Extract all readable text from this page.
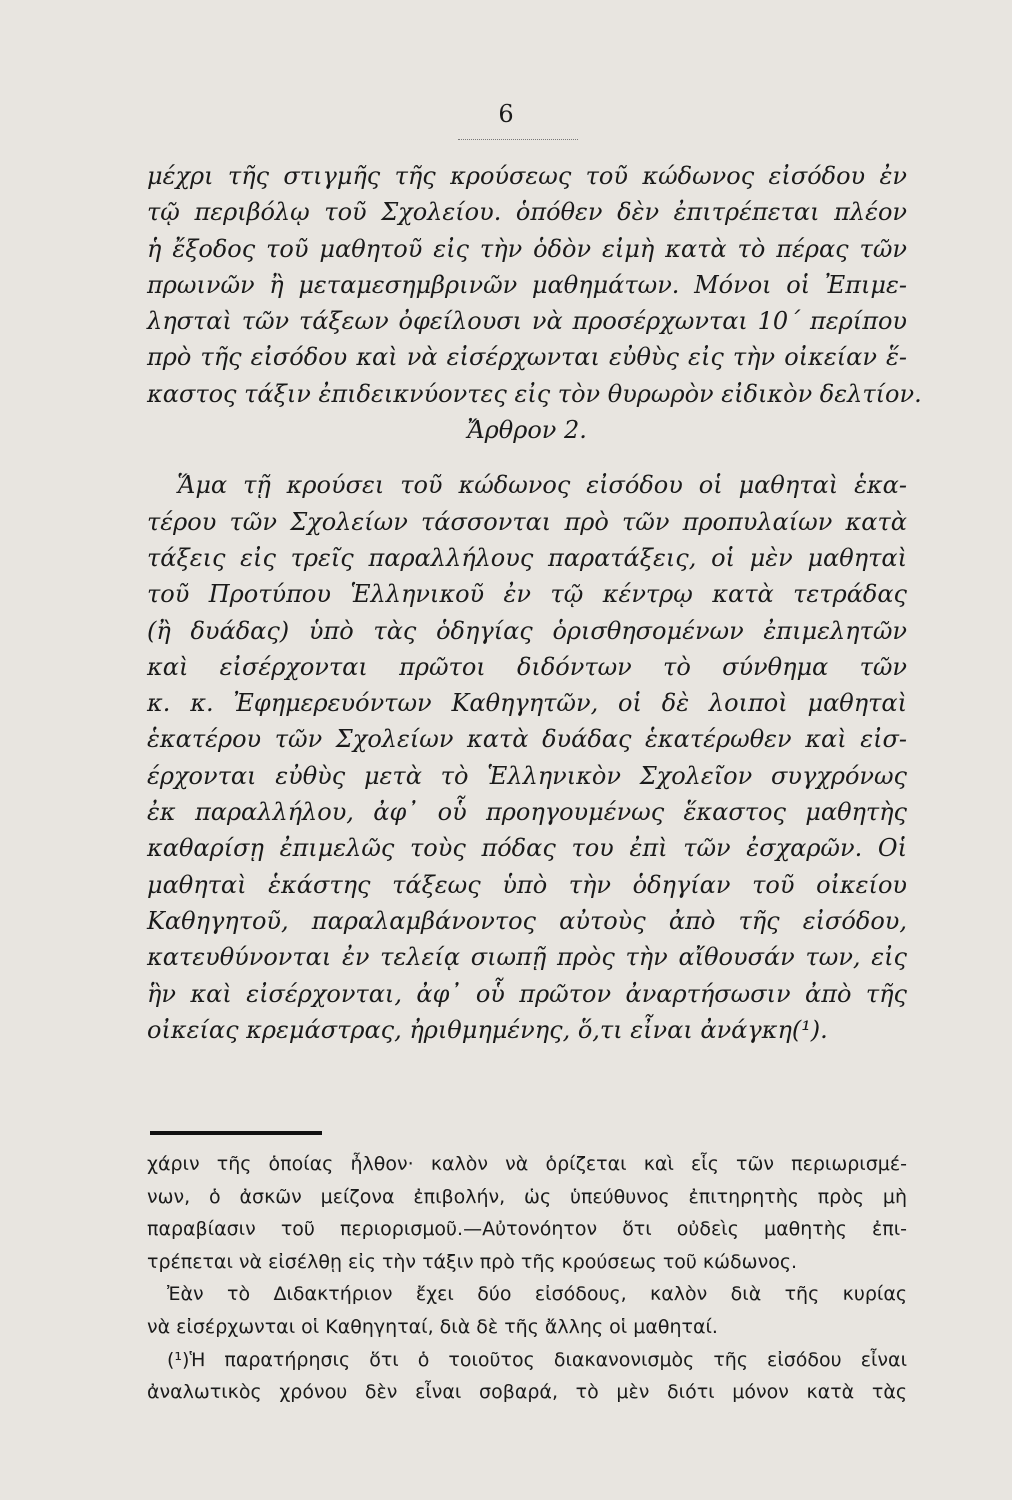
6
μέχρι τῆς στιγμῆς τῆς κρούσεως τοῦ κώδωνος εἰσόδου ἐν
τῷ περιβόλῳ τοῦ Σχολείου. ὁπόθεν δὲν ἐπιτρέπεται πλέον
ἡ ἔξοδος τοῦ μαθητοῦ εἰς τὴν ὁδὸν εἰμὴ κατὰ τὸ πέρας τῶν
πρωινῶν ἢ μεταμεσημβρινῶν μαθημάτων. Μόνοι οἱ Ἐπιμε-
λησταὶ τῶν τάξεων ὀφείλουσι νὰ προσέρχωνται 10΄ περίπου
πρὸ τῆς εἰσόδου καὶ νὰ εἰσέρχωνται εὐθὺς εἰς τὴν οἰκείαν ἕ-
καστος τάξιν ἐπιδεικνύοντες εἰς τὸν θυρωρὸν εἰδικὸν δελτίον.
Ἄρθρον 2.
Ἅμα τῇ κρούσει τοῦ κώδωνος εἰσόδου οἱ μαθηταὶ ἑκα-
τέρου τῶν Σχολείων τάσσονται πρὸ τῶν προπυλαίων κατὰ
τάξεις εἰς τρεῖς παραλλήλους παρατάξεις, οἱ μὲν μαθηταὶ
τοῦ Προτύπου Ἑλληνικοῦ ἐν τῷ κέντρῳ κατὰ τετράδας
(ἢ δυάδας) ὑπὸ τὰς ὁδηγίας ὁρισθησομένων ἐπιμελητῶν
καὶ εἰσέρχονται πρῶτοι διδόντων τὸ σύνθημα τῶν
κ. κ. Ἐφημερευόντων Καθηγητῶν, οἱ δὲ λοιποὶ μαθηταὶ
ἑκατέρου τῶν Σχολείων κατὰ δυάδας ἑκατέρωθεν καὶ εἰσ-
έρχονται εὐθὺς μετὰ τὸ Ἑλληνικὸν Σχολεῖον συγχρόνως
ἐκ παραλλήλου, ἀφ᾽ οὗ προηγουμένως ἕκαστος μαθητὴς
καθαρίσῃ ἐπιμελῶς τοὺς πόδας του ἐπὶ τῶν ἐσχαρῶν. Οἱ
μαθηταὶ ἑκάστης τάξεως ὑπὸ τὴν ὁδηγίαν τοῦ οἰκείου
Καθηγητοῦ, παραλαμβάνοντος αὐτοὺς ἀπὸ τῆς εἰσόδου,
κατευθύνονται ἐν τελείᾳ σιωπῇ πρὸς τὴν αἴθουσάν των, εἰς
ἣν καὶ εἰσέρχονται, ἀφ᾽ οὗ πρῶτον ἀναρτήσωσιν ἀπὸ τῆς
οἰκείας κρεμάστρας, ἠριθμημένης, ὅ,τι εἶναι ἀνάγκη(¹).
χάριν τῆς ὁποίας ἦλθον· καλὸν νὰ ὁρίζεται καὶ εἷς τῶν περιωρισμέ-
νων, ὁ ἀσκῶν μείζονα ἐπιβολήν, ὡς ὑπεύθυνος ἐπιτηρητὴς πρὸς μὴ
παραβίασιν τοῦ περιορισμοῦ.—Αὐτονόητον ὅτι οὐδεὶς μαθητὴς ἐπι-
τρέπεται νὰ εἰσέλθῃ εἰς τὴν τάξιν πρὸ τῆς κρούσεως τοῦ κώδωνος.
Ἐὰν τὸ Διδακτήριον ἔχει δύο εἰσόδους, καλὸν διὰ τῆς κυρίας
νὰ εἰσέρχωνται οἱ Καθηγηταί, διὰ δὲ τῆς ἄλλης οἱ μαθηταί.
(¹)Ἡ παρατήρησις ὅτι ὁ τοιοῦτος διακανονισμὸς τῆς εἰσόδου εἶναι
ἀναλωτικὸς χρόνου δὲν εἶναι σοβαρά, τὸ μὲν διότι μόνον κατὰ τὰς
